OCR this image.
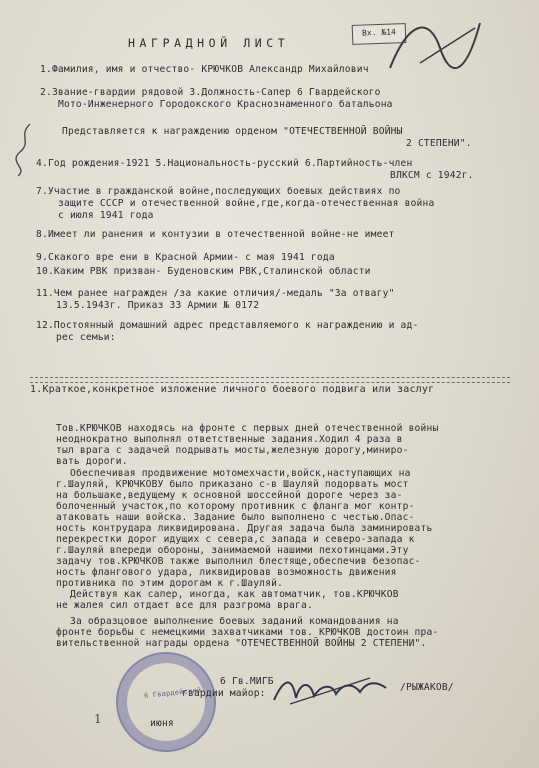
Вх. №14
НАГРАДНОЙ ЛИСТ
1.Фамилия, имя и отчество- КРЮЧКОВ Александр Михайлович
2.Звание-гвардии рядовой 3.Должность-Сапер 6 Гвардейского
Мото-Инженерного Городокского Краснознаменного батальона
Представляется к награждению орденом "ОТЕЧЕСТВЕННОЙ ВОЙНЫ
2 СТЕПЕНИ".
4.Год рождения-1921 5.Национальность-русский 6.Партийность-член
ВЛКСМ с 1942г.
7.Участие в гражданской войне,последующих боевых действиях по
защите СССР и отечественной войне,где,когда-отечественная война
с июля 1941 года
8.Имеет ли ранения и контузии в отечественной войне-не имеет
9.Скакого вре ени в Красной Армии- с мая 1941 года
10.Каким РВК призван- Буденовским РВК,Сталинской области
11.Чем ранее награжден /за какие отличия/-медаль "За отвагу"
13.5.1943г. Приказ 33 Армии № 0172
12.Постоянный домашний адрес представляемого к награждению и ад-
рес семьи:
1.Краткое,конкретное изложение личного боевого подвига или заслуг
Тов.КРЮЧКОВ находясь на фронте с первых дней отечественной войны
неоднократно выполнял ответственные задания.Ходил 4 раза в
тыл врага с задачей подрывать мосты,железную дорогу,миниро-
вать дороги.
Обеспечивая продвижение мотомехчасти,войск,наступающих на
г.Шауляй, КРЮЧКОВУ было приказано с-в Шауляй подорвать мост
на большаке,ведущему к основной шоссейной дороге через за-
болоченный участок,по которому противник с фланга мог контр-
атаковать наши войска. Задание было выполнено с честью.Опас-
ность контрудара ликвидирована. Другая задача была заминировать
перекрестки дорог идущих с севера,с запада и северо-запада к
г.Шауляй впереди обороны, занимаемой нашими пехотинцами.Эту
задачу тов.КРЮЧКОВ также выполнил блестяще,обеспечив безопас-
ность флангового удара, ликвидировав возможность движения
противника по этим дорогам к г.Шауляй.
Действуя как сапер, иногда, как автоматчик, тов.КРЮЧКОВ
не жалея сил отдает все для разгрома врага.
За образцовое выполнение боевых заданий командования на
фронте борьбы с немецкими захватчиками тов. КРЮЧКОВ достоин пра-
вительственной награды ордена "ОТЕЧЕСТВЕННОЙ ВОЙНЫ 2 СТЕПЕНИ".
6 Гвардейский
6 Гв.МИГБ
гвардии майор:
/РЫЖАКОВ/
1	июня
